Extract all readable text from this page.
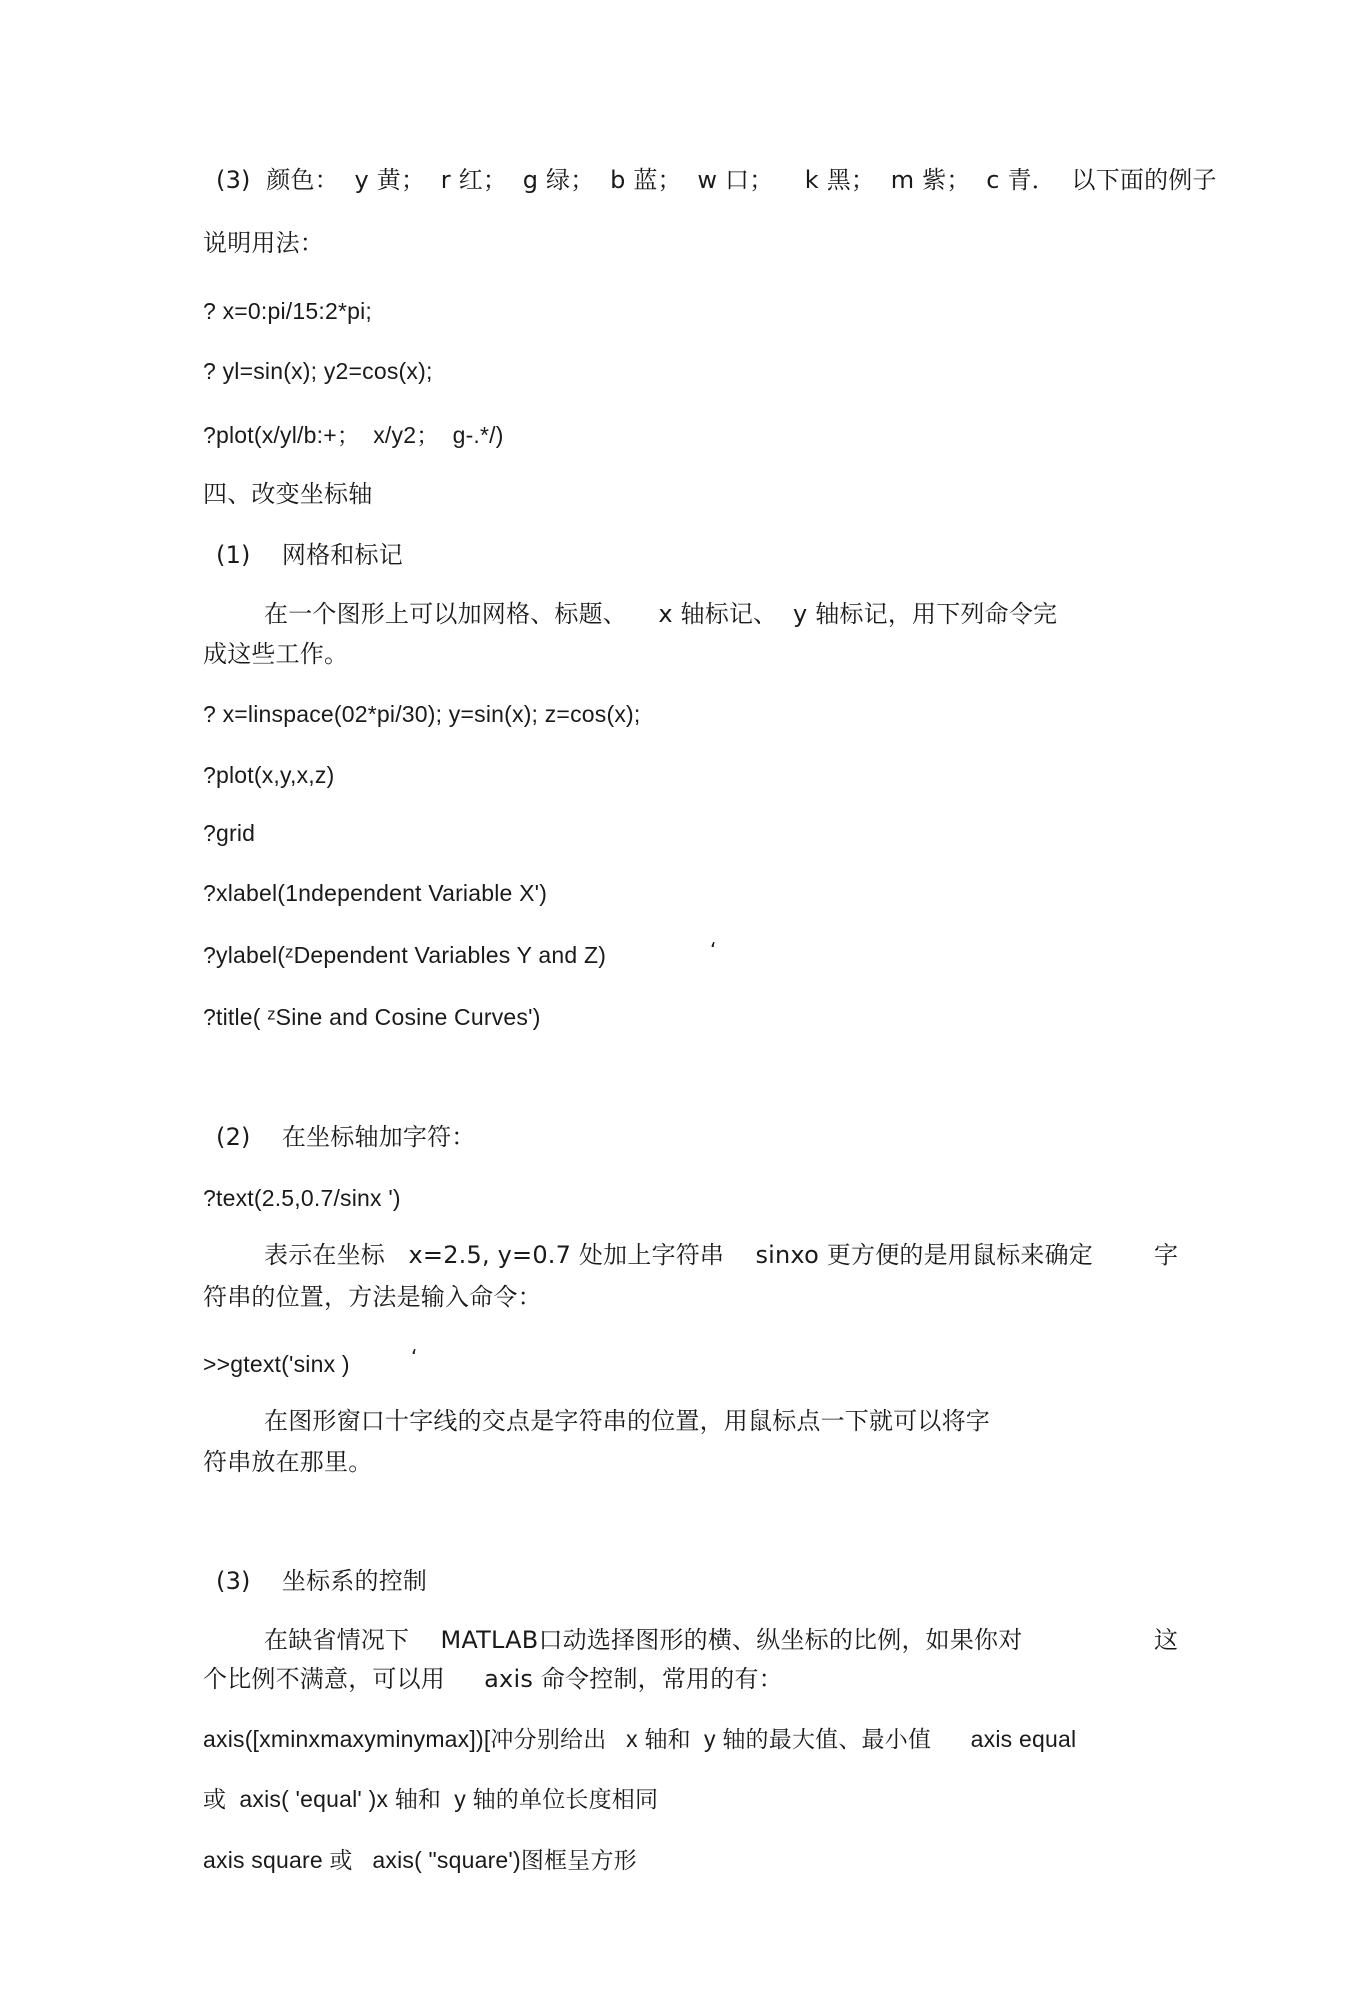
(3)  颜色：  y 黄；  r 红；  g 绿；  b 蓝；  w 口；    k 黑；  m 紫；  c 青．  以下面的例子
说明用法：
? x=0:pi/15:2*pi;
? yl=sin(x); y2=cos(x);
?plot(x/yl/b:+；  x/y2；  g-.*/)
四、改变坐标轴
(1)    网格和标记
在一个图形上可以加网格、标题、    x 轴标记、  y 轴标记，用下列命令完
成这些工作。
? x=linspace(02*pi/30); y=sin(x); z=cos(x);
?plot(x,y,x,z)
?grid
?xlabel(1ndependent Variable X')
?ylabel(ᶻDependent Variables Y and Z)	‘
?title( ᶻSine and Cosine Curves')
(2)    在坐标轴加字符：
?text(2.5,0.7/sinx ')
表示在坐标   x=2.5, y=0.7 处加上字符串    sinxo 更方便的是用鼠标来确定	字
符串的位置，方法是输入命令：
>>gtext('sinx )	‘
在图形窗口十字线的交点是字符串的位置，用鼠标点一下就可以将字
符串放在那里。
(3)    坐标系的控制
在缺省情况下    MATLAB口动选择图形的横、纵坐标的比例，如果你对	这
个比例不满意，可以用     axis 命令控制，常用的有：
axis([xminxmaxyminymax])[冲分别给出   x 轴和  y 轴的最大值、最小值      axis equal
或  axis( 'equal' )x 轴和  y 轴的单位长度相同
axis square 或   axis( "square')图框呈方形
